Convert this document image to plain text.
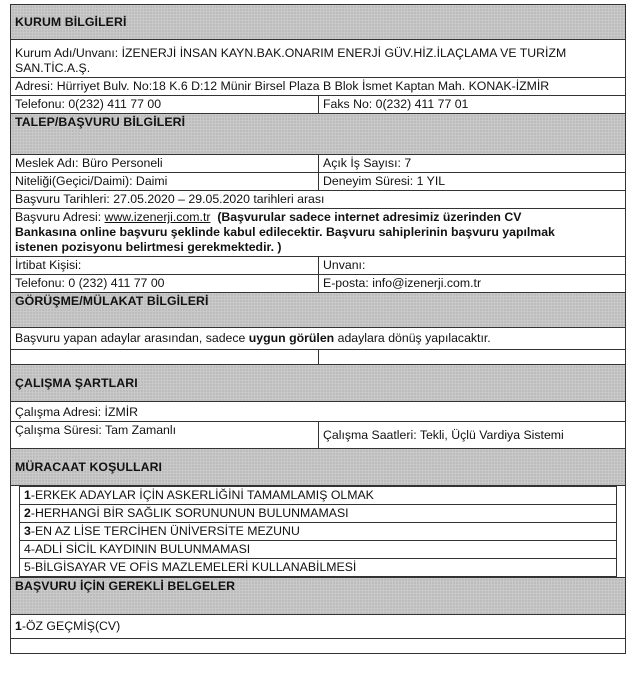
KURUM BİLGİLERİ

Kurum Adı/Unvanı: İZENERJİ İNSAN KAYN.BAK.ONARIM ENERJİ GÜV.HİZ.İLAÇLAMA VE TURİZM
SAN.TİC.A.Ş.

Adresi: Hürriyet Bulv. No:18 K.6 D:12 Münir Birsel Plaza B Blok İsmet Kaptan Mah. KONAK-İZMİR
Telefonu: 0(232) 411 77 00	Faks No: 0(232) 411 77 01
TALEP/BAŞVURU BİLGİLERİ
Meslek Adı: Büro Personeli	Açık İş Sayısı: 7
Niteliği(Geçici/Daimi): Daimi	Deneyim Süresi: 1 YIL
Başvuru Tarihleri: 27.05.2020 – 29.05.2020 tarihleri arası

Başvuru Adresi: www.izenerji.com.tr (Başvurular sadece internet adresimiz üzerinden CV
Bankasına online başvuru şeklinde kabul edilecektir. Başvuru sahiplerinin başvuru yapılmak
istenen pozisyonu belirtmesi gerekmektedir. )

İrtibat Kişisi:	Unvanı:
Telefonu: 0 (232) 411 77 00	E-posta: info@izenerji.com.tr
GÖRÜŞME/MÜLAKAT BİLGİLERİ
Başvuru yapan adaylar arasından, sadece uygun görülen adaylara dönüş yapılacaktır.

ÇALIŞMA ŞARTLARI
Çalışma Adresi: İZMİR
Çalışma Süresi: Tam Zamanlı	Çalışma Saatleri: Tekli, Üçlü Vardiya Sistemi
MÜRACAAT KOŞULLARI

1-ERKEK ADAYLAR İÇİN ASKERLİĞİNİ TAMAMLAMIŞ OLMAK
2-HERHANGİ BİR SAĞLIK SORUNUNUN BULUNMAMASI
3-EN AZ LİSE TERCİHEN ÜNİVERSİTE MEZUNU
4-ADLİ SİCİL KAYDININ BULUNMAMASI
5-BİLGİSAYAR VE OFİS MAZLEMELERİ KULLANABİLMESİ

BAŞVURU İÇİN GEREKLİ BELGELER
1-ÖZ GEÇMİŞ(CV)
